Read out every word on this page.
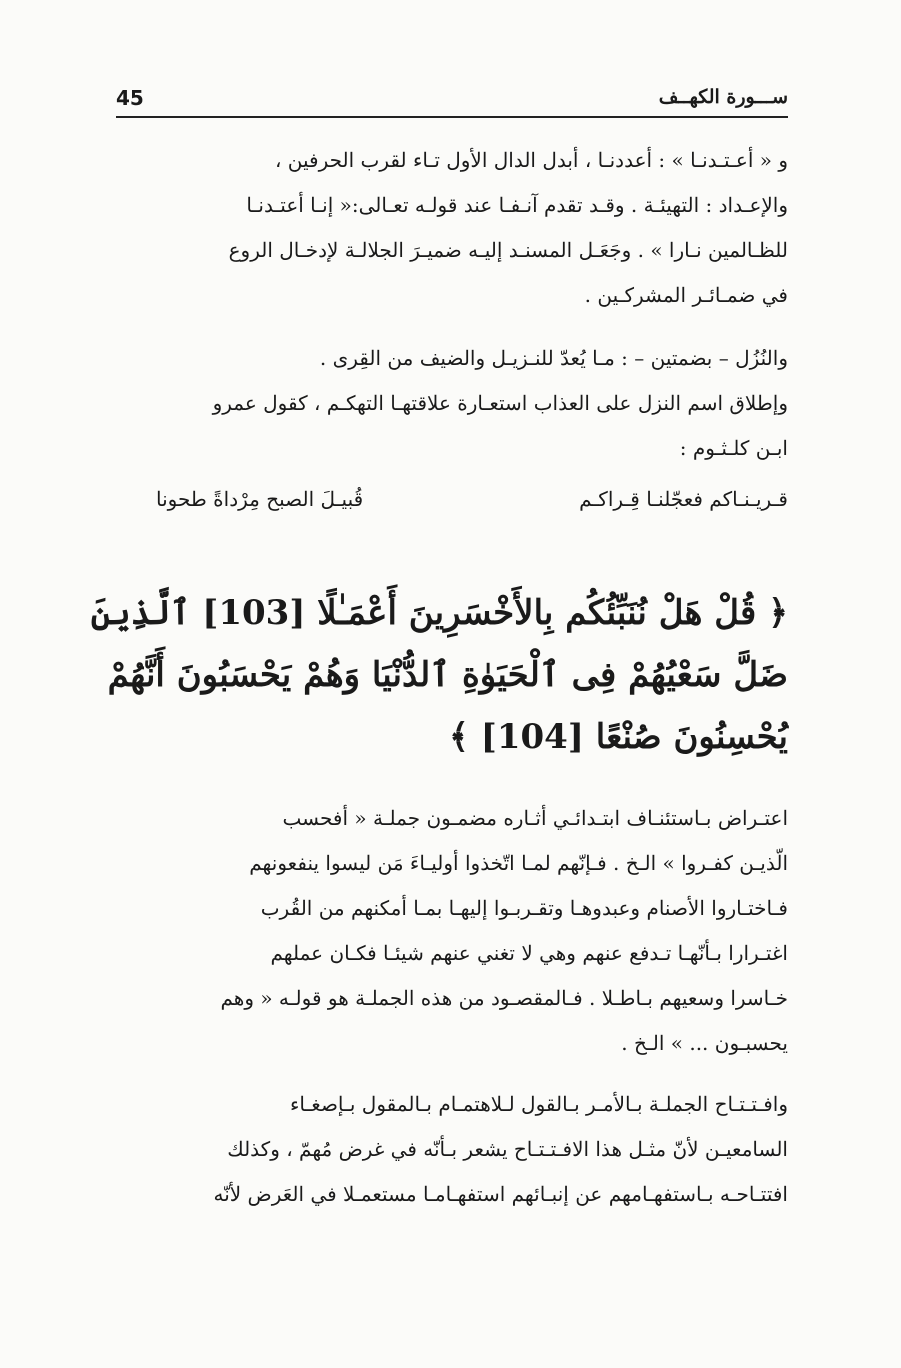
45	ســـورة الكهــف
و « أعـتـدنـا » : أعددنـا ، أبدل الدال الأول تـاء لقرب الحرفين ،
والإعـداد : التهيئـة . وقـد تقدم آنـفـا عند قولـه تعـالى:« إنـا أعتـدنـا
للظـالمين نـارا » . وجَعَـل المسنـد إليـه ضميـرَ الجلالـة لإدخـال الروع
في ضمـائـر المشركـين .
والنُزُل – بضمتين – : مـا يُعدّ للنـزيـل والضيف من القِرى .
وإطلاق اسم النزل على العذاب استعـارة علاقتهـا التهكـم ، كقول عمرو
ابـن كلـثـوم :
قـريـنـاكم فعجّلنـا قِـراكـم
قُبيـلَ الصبح مِرْداةً طحونا
﴿ قُلْ هَلْ نُنَبِّئُكُم بِالأَخْسَرِينَ أَعْمَـٰلًا [103] ٱلَّذِينَ
ضَلَّ سَعْيُهُمْ فِى ٱلْحَيَوٰةِ ٱلدُّنْيَا وَهُمْ يَحْسَبُونَ أَنَّهُمْ
يُحْسِنُونَ صُنْعًا [104] ﴾
اعتـراض بـاستئنـاف ابتـدائـي أثـاره مضمـون جملـة « أفحسب
الّذيـن كفـروا » الـخ . فـإنّهم لمـا اتّخذوا أوليـاءَ مَن ليسوا ينفعونهم
فـاختـاروا الأصنام وعبدوهـا وتقـربـوا إليهـا بمـا أمكنهم من القُرب
اغتـرارا بـأنّهـا تـدفع عنهم وهي لا تغني عنهم شيئـا فكـان عملهم
خـاسرا وسعيهم بـاطـلا . فـالمقصـود من هذه الجملـة هو قولـه « وهم
يحسبـون ... » الـخ .
وافـتـتـاح الجملـة بـالأمـر بـالقول لـلاهتمـام بـالمقول بـإصغـاء
السامعيـن لأنّ مثـل هذا الافـتـتـاح يشعر بـأنّه في غرض مُهمّ ، وكذلك
افتتـاحـه بـاستفهـامهم عن إنبـائهم استفهـامـا مستعمـلا في العَرض لأنّه
